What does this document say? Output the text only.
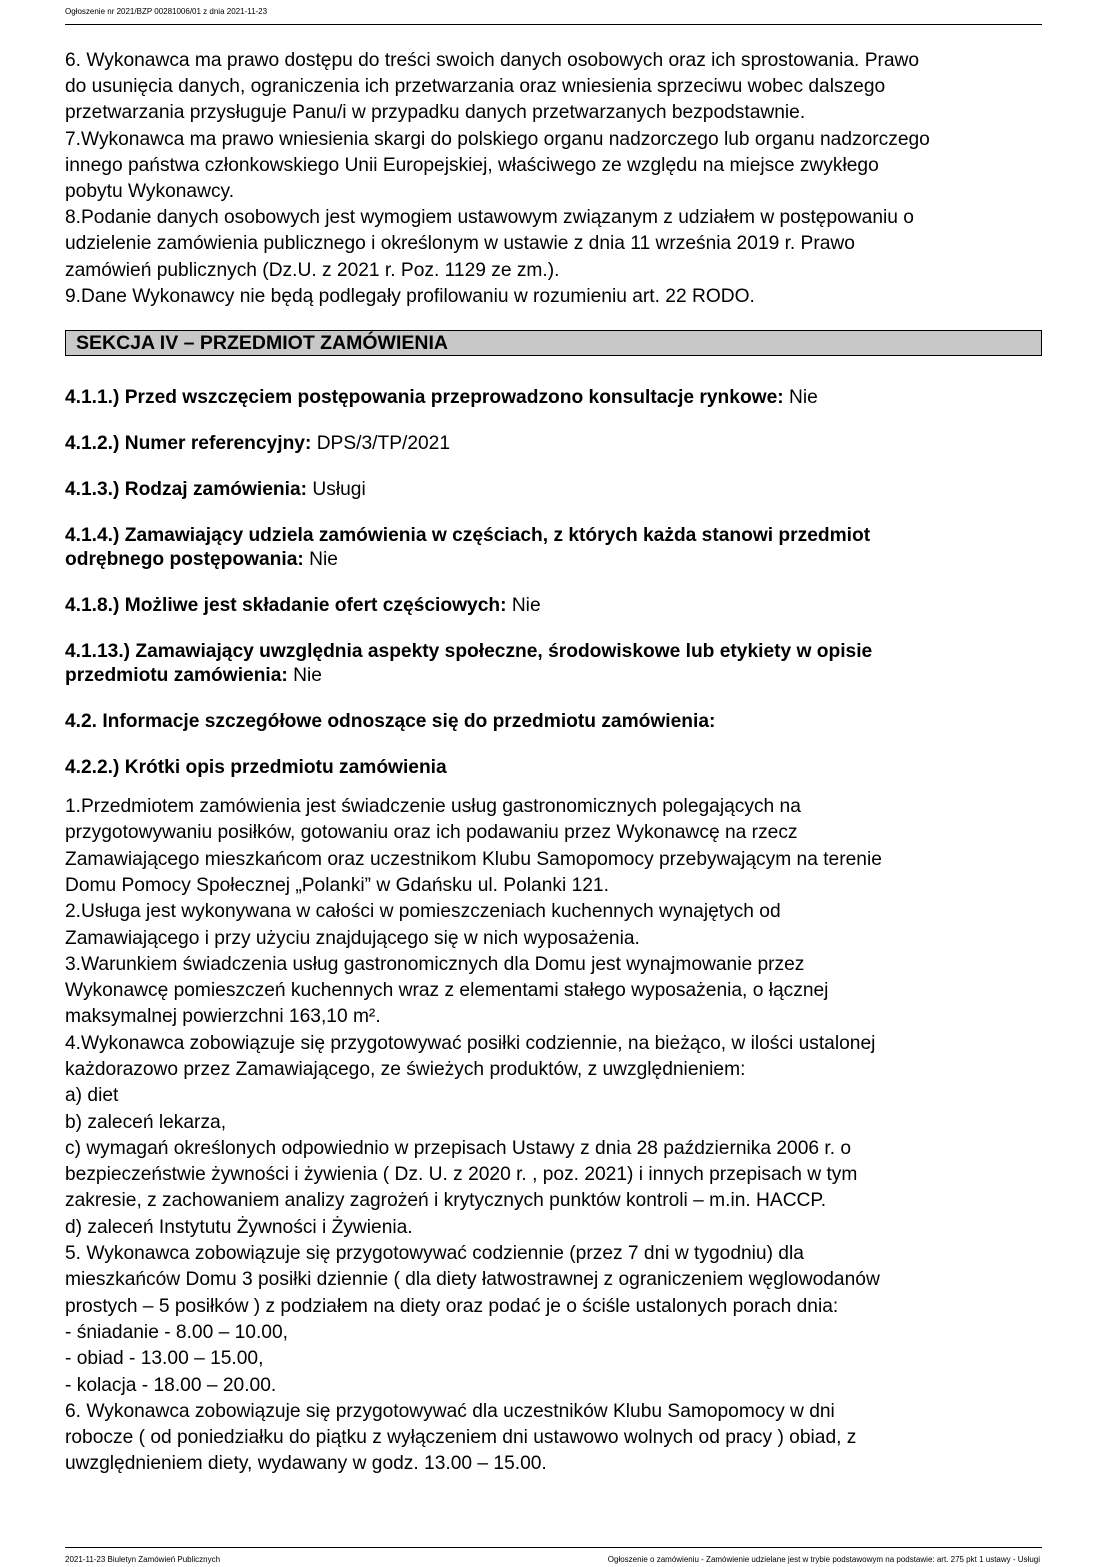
Ogłoszenie nr 2021/BZP 00281006/01 z dnia 2021-11-23
6. Wykonawca ma prawo dostępu do treści swoich danych osobowych oraz ich sprostowania. Prawo
do usunięcia danych, ograniczenia ich przetwarzania oraz wniesienia sprzeciwu wobec dalszego
przetwarzania przysługuje Panu/i w przypadku danych przetwarzanych bezpodstawnie.
7.Wykonawca ma prawo wniesienia skargi do polskiego organu nadzorczego lub organu nadzorczego
innego państwa członkowskiego Unii Europejskiej, właściwego ze względu na miejsce zwykłego
pobytu Wykonawcy.
8.Podanie danych osobowych jest wymogiem ustawowym związanym z udziałem w postępowaniu o
udzielenie zamówienia publicznego i określonym w ustawie z dnia 11 września 2019 r. Prawo
zamówień publicznych (Dz.U. z 2021 r. Poz. 1129 ze zm.).
9.Dane Wykonawcy nie będą podlegały profilowaniu w rozumieniu art. 22 RODO.
SEKCJA IV – PRZEDMIOT ZAMÓWIENIA
4.1.1.) Przed wszczęciem postępowania przeprowadzono konsultacje rynkowe: Nie
4.1.2.) Numer referencyjny: DPS/3/TP/2021
4.1.3.) Rodzaj zamówienia: Usługi
4.1.4.) Zamawiający udziela zamówienia w częściach, z których każda stanowi przedmiot
odrębnego postępowania: Nie
4.1.8.) Możliwe jest składanie ofert częściowych: Nie
4.1.13.) Zamawiający uwzględnia aspekty społeczne, środowiskowe lub etykiety w opisie
przedmiotu zamówienia: Nie
4.2. Informacje szczegółowe odnoszące się do przedmiotu zamówienia:
4.2.2.) Krótki opis przedmiotu zamówienia
1.Przedmiotem zamówienia jest świadczenie usług gastronomicznych polegających na
przygotowywaniu posiłków, gotowaniu oraz ich podawaniu przez Wykonawcę na rzecz
Zamawiającego mieszkańcom oraz uczestnikom Klubu Samopomocy przebywającym na terenie
Domu Pomocy Społecznej „Polanki” w Gdańsku ul. Polanki 121.
2.Usługa jest wykonywana w całości w pomieszczeniach kuchennych wynajętych od
Zamawiającego i przy użyciu znajdującego się w nich wyposażenia.
3.Warunkiem świadczenia usług gastronomicznych dla Domu jest wynajmowanie przez
Wykonawcę pomieszczeń kuchennych wraz z elementami stałego wyposażenia, o łącznej
maksymalnej powierzchni 163,10 m².
4.Wykonawca zobowiązuje się przygotowywać posiłki codziennie, na bieżąco, w ilości ustalonej
każdorazowo przez Zamawiającego, ze świeżych produktów, z uwzględnieniem:
a) diet
b) zaleceń lekarza,
c) wymagań określonych odpowiednio w przepisach Ustawy z dnia 28 października 2006 r. o
bezpieczeństwie żywności i żywienia ( Dz. U. z 2020 r. , poz. 2021) i innych przepisach w tym
zakresie, z zachowaniem analizy zagrożeń i krytycznych punktów kontroli – m.in. HACCP.
d) zaleceń Instytutu Żywności i Żywienia.
5. Wykonawca zobowiązuje się przygotowywać codziennie (przez 7 dni w tygodniu) dla
mieszkańców Domu 3 posiłki dziennie ( dla diety łatwostrawnej z ograniczeniem węglowodanów
prostych – 5 posiłków ) z podziałem na diety oraz podać je o ściśle ustalonych porach dnia:
- śniadanie - 8.00 – 10.00,
- obiad - 13.00 – 15.00,
- kolacja - 18.00 – 20.00.
6. Wykonawca zobowiązuje się przygotowywać dla uczestników Klubu Samopomocy w dni
robocze ( od poniedziałku do piątku z wyłączeniem dni ustawowo wolnych od pracy ) obiad, z
uwzględnieniem diety, wydawany w godz. 13.00 – 15.00.
2021-11-23 Biuletyn Zamówień Publicznych	Ogłoszenie o zamówieniu - Zamówienie udzielane jest w trybie podstawowym na podstawie: art. 275 pkt 1 ustawy - Usługi
